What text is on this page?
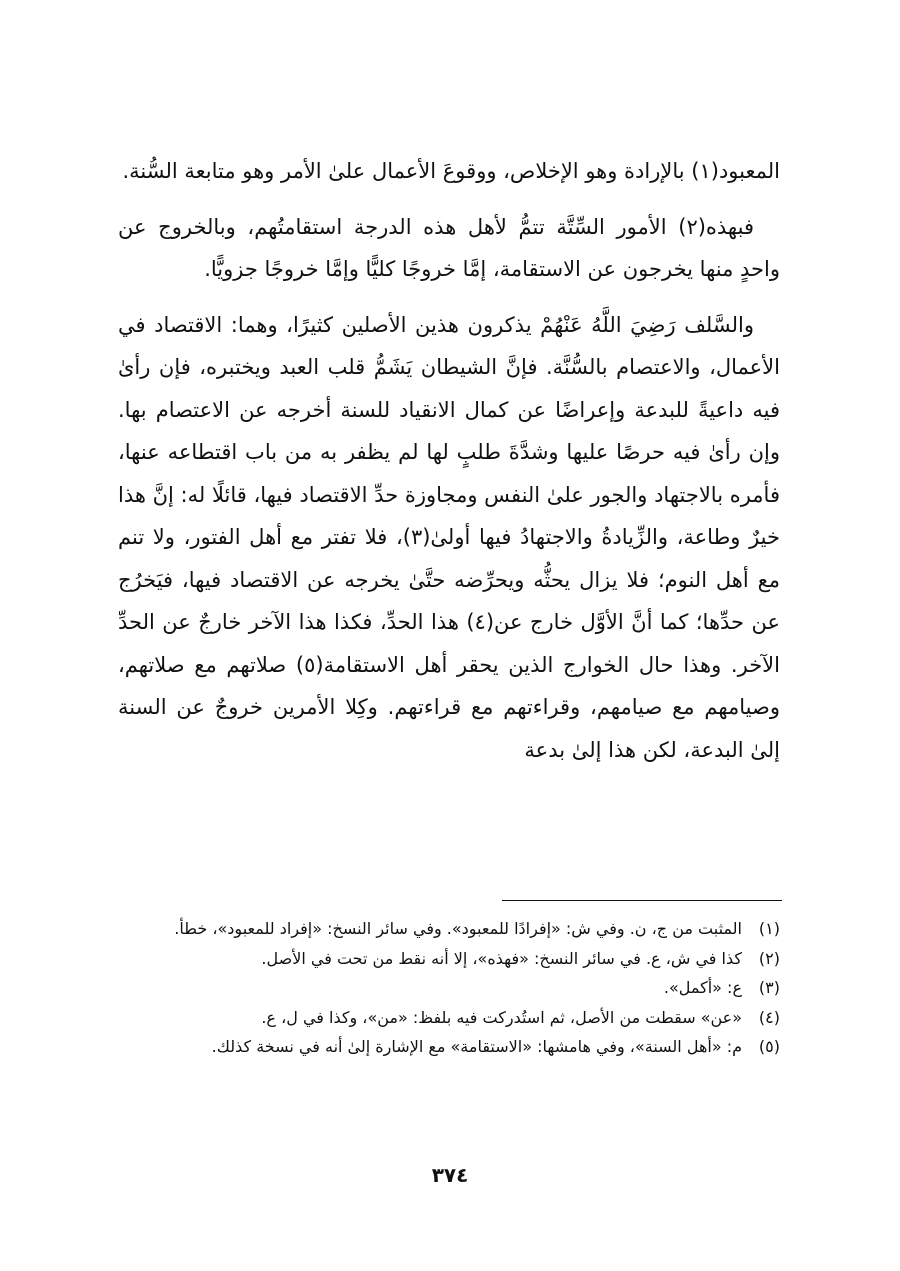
المعبود(١) بالإرادة وهو الإخلاص، ووقوعَ الأعمال علىٰ الأمر وهو متابعة السُّنة.

فبهذه(٢) الأمور السِّتَّة تتمُّ لأهل هذه الدرجة استقامتُهم، وبالخروج عن واحدٍ منها يخرجون عن الاستقامة، إمَّا خروجًا كليًّا وإمَّا خروجًا جزويًّا.

والسَّلف رَضِيَ اللَّهُ عَنْهُمْ يذكرون هذين الأصلين كثيرًا، وهما: الاقتصاد في الأعمال، والاعتصام بالسُّنَّة. فإنَّ الشيطان يَشَمُّ قلب العبد ويختبره، فإن رأىٰ فيه داعيةً للبدعة وإعراضًا عن كمال الانقياد للسنة أخرجه عن الاعتصام بها. وإن رأىٰ فيه حرصًا عليها وشدَّةَ طلبٍ لها لم يظفر به من باب اقتطاعه عنها، فأمره بالاجتهاد والجور علىٰ النفس ومجاوزة حدِّ الاقتصاد فيها، قائلًا له: إنَّ هذا خيرٌ وطاعة، والزِّيادةُ والاجتهادُ فيها أولىٰ(٣)، فلا تفتر مع أهل الفتور، ولا تنم مع أهل النوم؛ فلا يزال يحثُّه ويحرِّضه حتَّىٰ يخرجه عن الاقتصاد فيها، فيَخرُج عن حدِّها؛ كما أنَّ الأوَّل خارج عن(٤) هذا الحدِّ، فكذا هذا الآخر خارجٌ عن الحدِّ الآخر. وهذا حال الخوارج الذين يحقر أهل الاستقامة(٥) صلاتهم مع صلاتهم، وصيامهم مع صيامهم، وقراءتهم مع قراءتهم. وكِلا الأمرين خروجٌ عن السنة إلىٰ البدعة، لكن هذا إلىٰ بدعة

(١)
المثبت من ج، ن. وفي ش: «إفرادًا للمعبود». وفي سائر النسخ: «إفراد للمعبود»، خطأ.
(٢)
كذا في ش، ع. في سائر النسخ: «فهذه»، إلا أنه نقط من تحت في الأصل.
(٣)
ع: «أكمل».
(٤)
«عن» سقطت من الأصل، ثم استُدركت فيه بلفظ: «من»، وكذا في ل، ع.
(٥)
م: «أهل السنة»، وفي هامشها: «الاستقامة» مع الإشارة إلىٰ أنه في نسخة كذلك.
٣٧٤
